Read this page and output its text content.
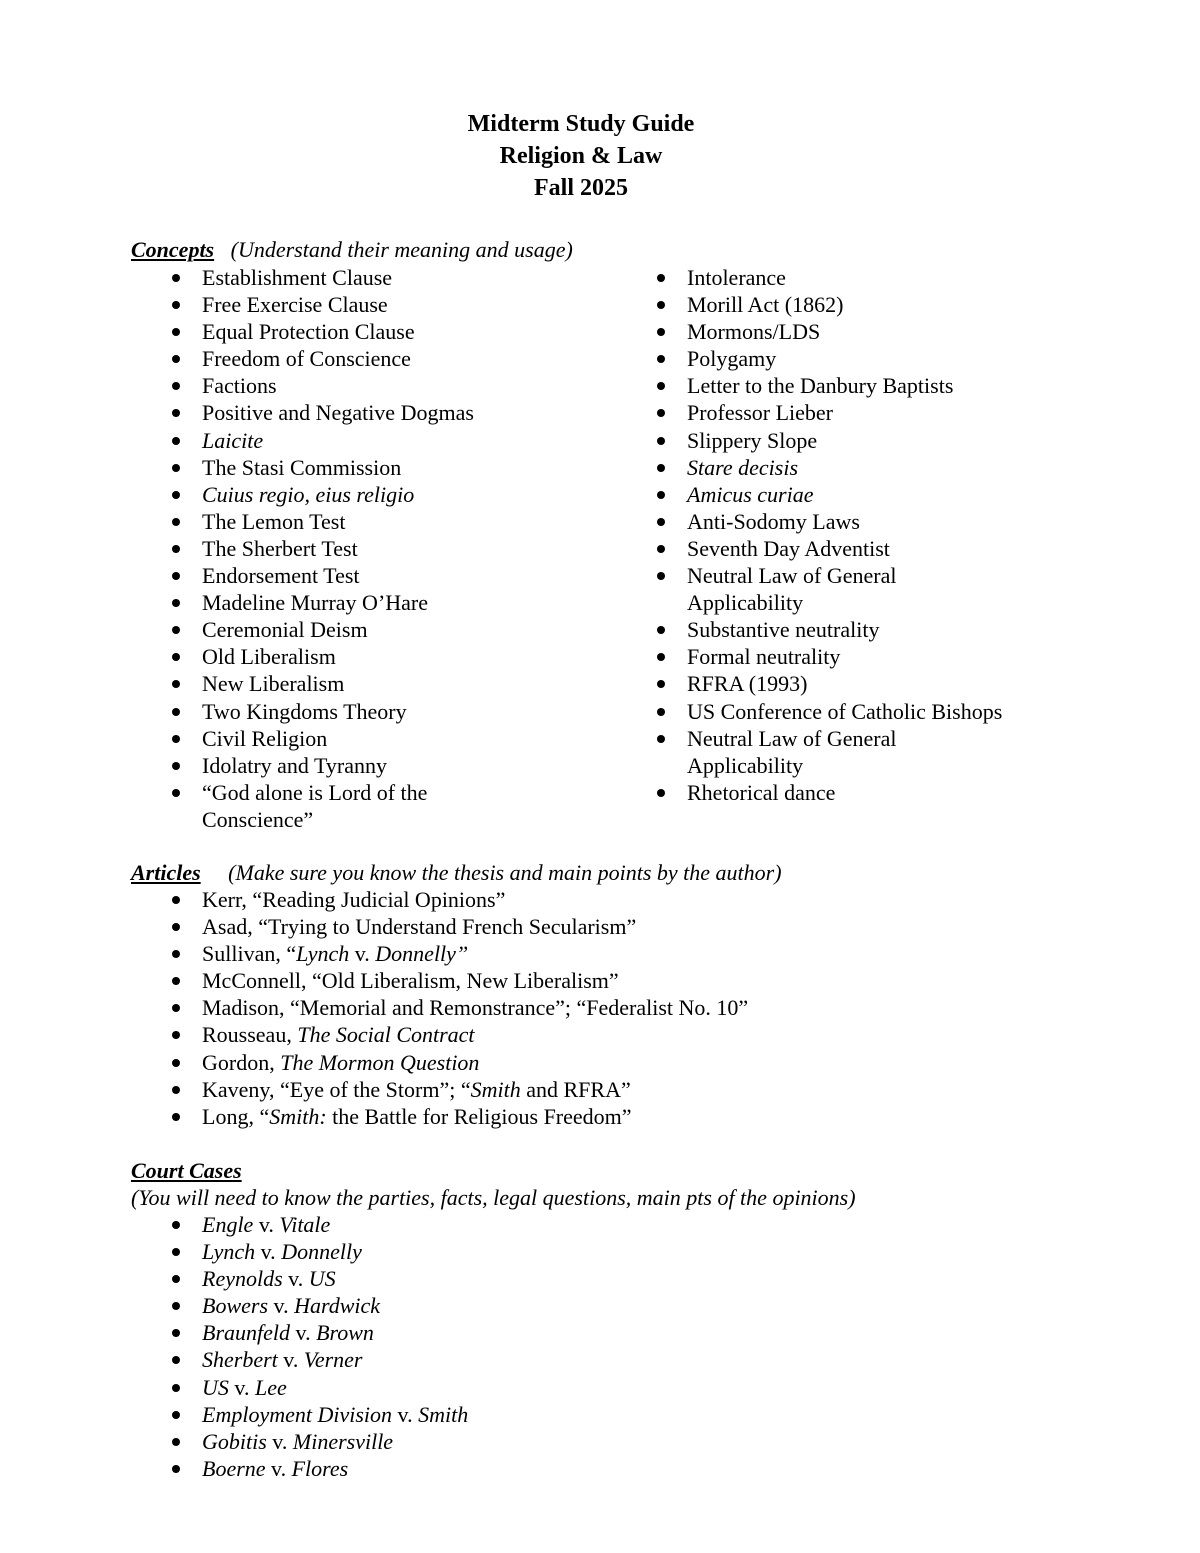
Midterm Study Guide
Religion & Law
Fall 2025
Concepts (Understand their meaning and usage)
Establishment Clause
Free Exercise Clause
Equal Protection Clause
Freedom of Conscience
Factions
Positive and Negative Dogmas
Laicite
The Stasi Commission
Cuius regio, eius religio
The Lemon Test
The Sherbert Test
Endorsement Test
Madeline Murray O’Hare
Ceremonial Deism
Old Liberalism
New Liberalism
Two Kingdoms Theory
Civil Religion
Idolatry and Tyranny
“God alone is Lord of the
Conscience”
Intolerance
Morill Act (1862)
Mormons/LDS
Polygamy
Letter to the Danbury Baptists
Professor Lieber
Slippery Slope
Stare decisis
Amicus curiae
Anti-Sodomy Laws
Seventh Day Adventist
Neutral Law of General
Applicability
Substantive neutrality
Formal neutrality
RFRA (1993)
US Conference of Catholic Bishops
Neutral Law of General
Applicability
Rhetorical dance
Articles (Make sure you know the thesis and main points by the author)
Kerr, “Reading Judicial Opinions”
Asad, “Trying to Understand French Secularism”
Sullivan, “Lynch v. Donnelly”
McConnell, “Old Liberalism, New Liberalism”
Madison, “Memorial and Remonstrance”; “Federalist No. 10”
Rousseau, The Social Contract
Gordon, The Mormon Question
Kaveny, “Eye of the Storm”; “Smith and RFRA”
Long, “Smith: the Battle for Religious Freedom”
Court Cases
(You will need to know the parties, facts, legal questions, main pts of the opinions)
Engle v. Vitale
Lynch v. Donnelly
Reynolds v. US
Bowers v. Hardwick
Braunfeld v. Brown
Sherbert v. Verner
US v. Lee
Employment Division v. Smith
Gobitis v. Minersville
Boerne v. Flores
